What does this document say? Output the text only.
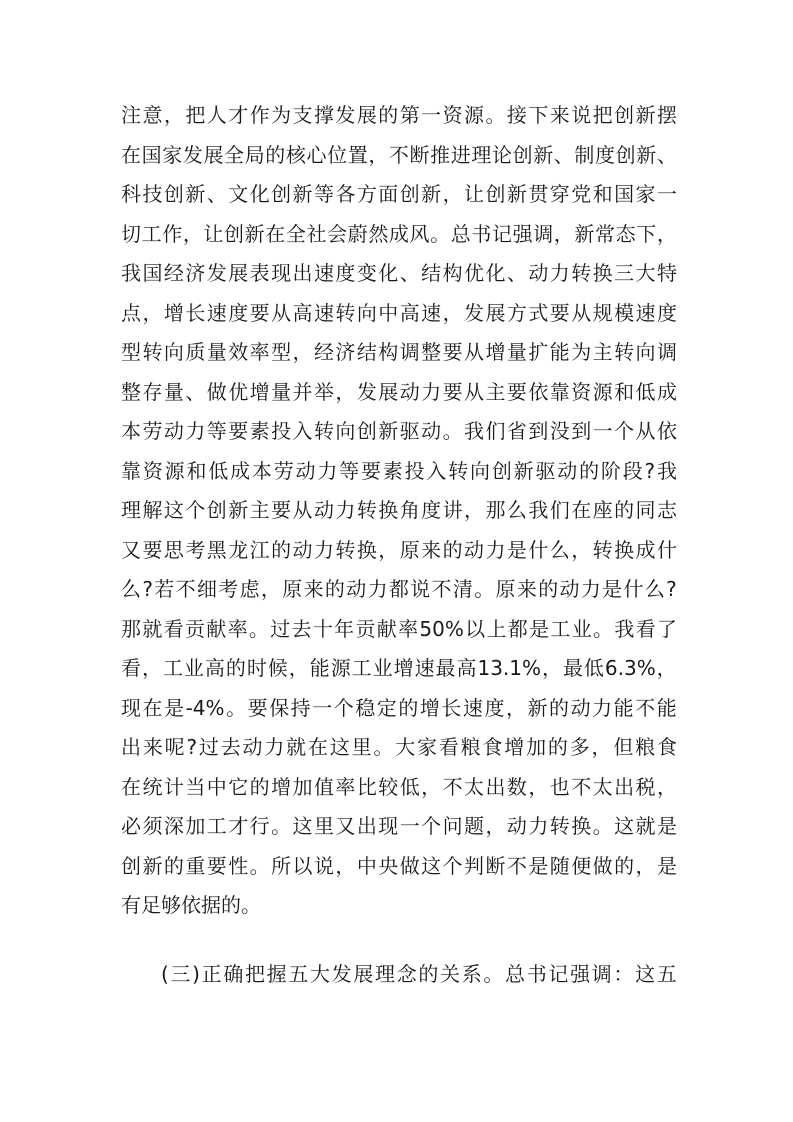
注 意 ， 把 人 才 作 为 支 撑 发 展 的 第 一 资 源 。 接 下 来 说 把 创 新 摆
在 国 家 发 展 全 局 的 核 心 位 置 ， 不 断 推 进 理 论 创 新 、 制 度 创 新 、
科 技 创 新 、 文 化 创 新 等 各 方 面 创 新 ， 让 创 新 贯 穿 党 和 国 家 一
切 工 作 ， 让 创 新 在 全 社 会 蔚 然 成 风 。 总 书 记 强 调 ， 新 常 态 下 ，
我 国 经 济 发 展 表 现 出 速 度 变 化 、 结 构 优 化 、 动 力 转 换 三 大 特
点 ， 增 长 速 度 要 从 高 速 转 向 中 高 速 ， 发 展 方 式 要 从 规 模 速 度
型 转 向 质 量 效 率 型 ， 经 济 结 构 调 整 要 从 增 量 扩 能 为 主 转 向 调
整 存 量 、 做 优 增 量 并 举 ， 发 展 动 力 要 从 主 要 依 靠 资 源 和 低 成
本 劳 动 力 等 要 素 投 入 转 向 创 新 驱 动 。 我 们 省 到 没 到 一 个 从 依
靠 资 源 和 低 成 本 劳 动 力 等 要 素 投 入 转 向 创 新 驱 动 的 阶 段 ? 我
理 解 这 个 创 新 主 要 从 动 力 转 换 角 度 讲 ， 那 么 我 们 在 座 的 同 志
又 要 思 考 黑 龙 江 的 动 力 转 换 ， 原 来 的 动 力 是 什 么 ， 转 换 成 什
么 ? 若 不 细 考 虑 ， 原 来 的 动 力 都 说 不 清 。 原 来 的 动 力 是 什 么 ?
那 就 看 贡 献 率 。 过 去 十 年 贡 献 率 50% 以 上 都 是 工 业 。 我 看 了
看 ， 工 业 高 的 时 候 ， 能 源 工 业 增 速 最 高 13.1% ， 最 低 6.3% ，
现 在 是 -4% 。 要 保 持 一 个 稳 定 的 增 长 速 度 ， 新 的 动 力 能 不 能
出 来 呢 ? 过 去 动 力 就 在 这 里 。 大 家 看 粮 食 增 加 的 多 ， 但 粮 食
在 统 计 当 中 它 的 增 加 值 率 比 较 低 ， 不 太 出 数 ， 也 不 太 出 税 ，
必 须 深 加 工 才 行 。 这 里 又 出 现 一 个 问 题 ， 动 力 转 换 。 这 就 是
创 新 的 重 要 性 。 所 以 说 ， 中 央 做 这 个 判 断 不 是 随 便 做 的 ， 是
有 足 够 依 据 的 。
( 三 ) 正 确 把 握 五 大 发 展 理 念 的 关 系 。 总 书 记 强 调 ： 这 五
